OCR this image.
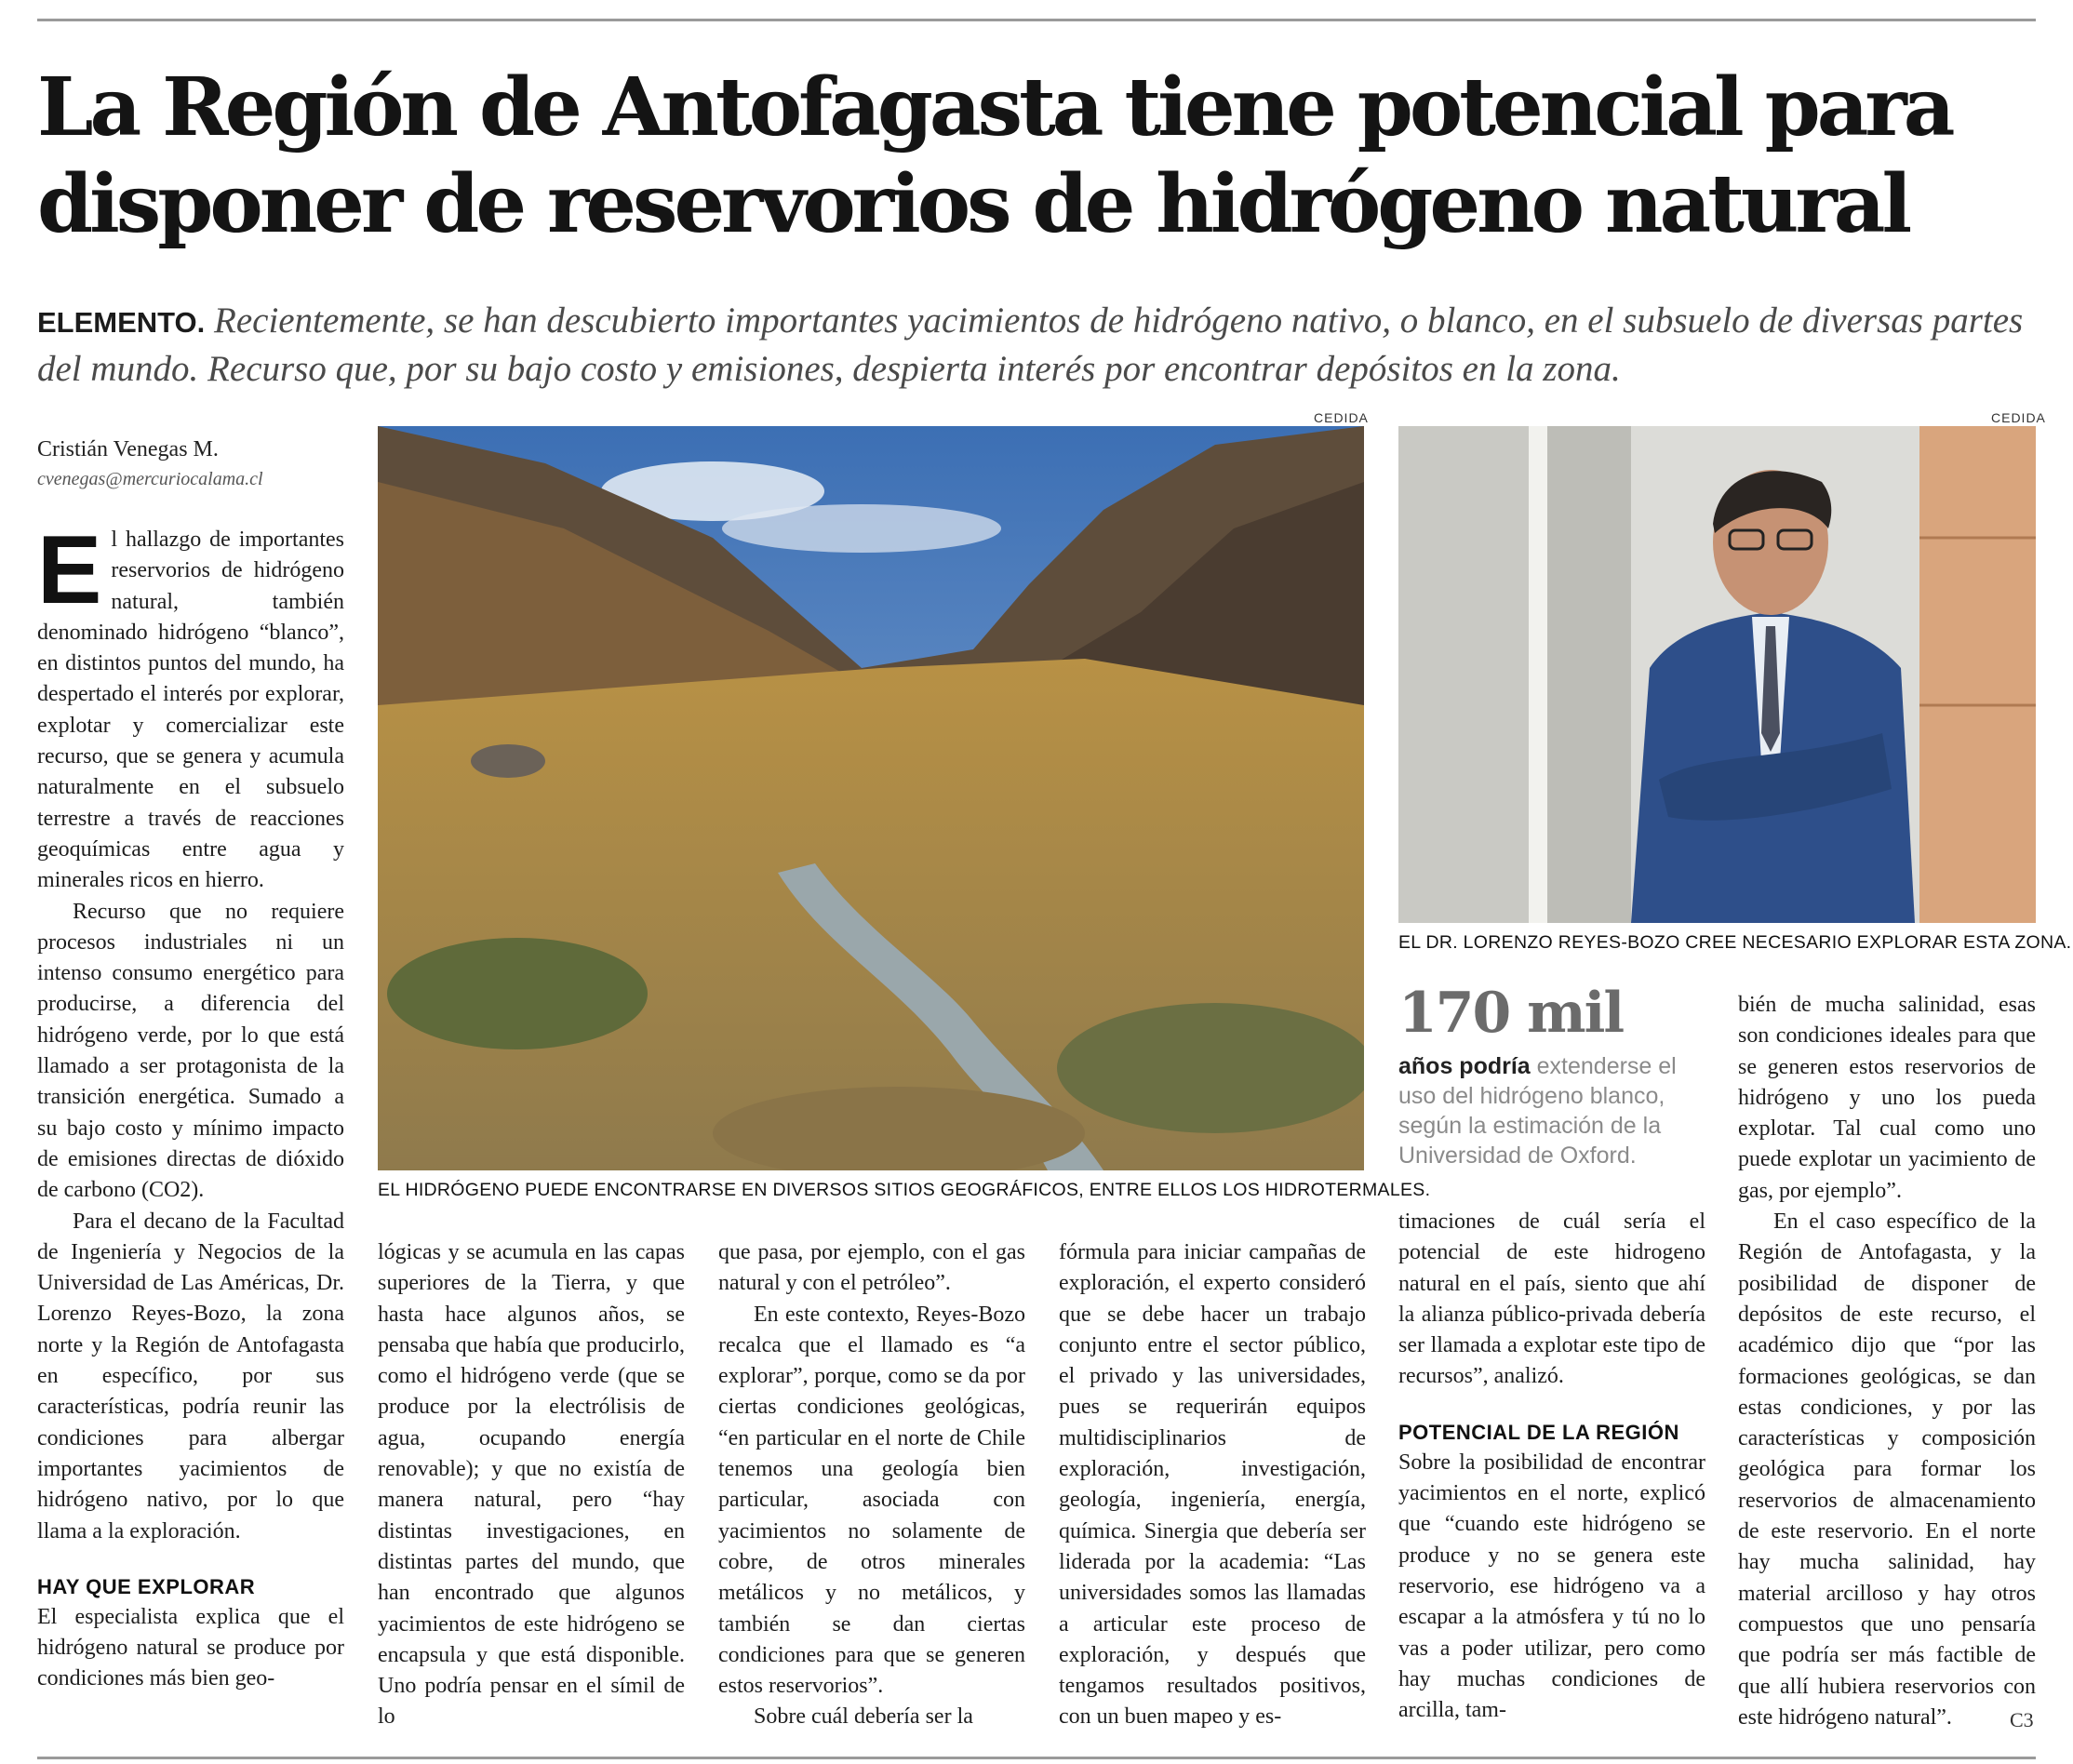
La Región de Antofagasta tiene potencial para
disponer de reservorios de hidrógeno natural
ELEMENTO. Recientemente, se han descubierto importantes yacimientos de hidrógeno nativo, o blanco, en el subsuelo de diversas partes del mundo. Recurso que, por su bajo costo y emisiones, despierta interés por encontrar depósitos en la zona.
Cristián Venegas M.
cvenegas@mercuriocalama.cl
CEDIDA
EL HIDRÓGENO PUEDE ENCONTRARSE EN DIVERSOS SITIOS GEOGRÁFICOS, ENTRE ELLOS LOS HIDROTERMALES.
CEDIDA
EL DR. LORENZO REYES-BOZO CREE NECESARIO EXPLORAR ESTA ZONA.
170 mil
años podría extenderse el uso del hidrógeno blanco, según la estimación de la Universidad de Oxford.

El hallazgo de importantes reservorios de hidrógeno natural, también denominado hidrógeno “blanco”, en distintos puntos del mundo, ha despertado el interés por explorar, explotar y comercializar este recurso, que se genera y acumula naturalmente en el subsuelo terrestre a través de reacciones geoquímicas entre agua y minerales ricos en hierro.

Recurso que no requiere procesos industriales ni un intenso consumo energético para producirse, a diferencia del hidrógeno verde, por lo que está llamado a ser protagonista de la transición energética. Sumado a su bajo costo y mínimo impacto de emisiones directas de dióxido de carbono (CO2).

Para el decano de la Facultad de Ingeniería y Negocios de la Universidad de Las Américas, Dr. Lorenzo Reyes-Bozo, la zona norte y la Región de Antofagasta en específico, por sus características, podría reunir las condiciones para albergar importantes yacimientos de hidrógeno nativo, por lo que llama a la exploración.

HAY QUE EXPLORAR

El especialista explica que el hidrógeno natural se produce por condiciones más bien geo-

lógicas y se acumula en las capas superiores de la Tierra, y que hasta hace algunos años, se pensaba que había que producirlo, como el hidrógeno verde (que se produce por la electrólisis de agua, ocupando energía renovable); y que no existía de manera natural, pero “hay distintas investigaciones, en distintas partes del mundo, que han encontrado que algunos yacimientos de este hidrógeno se encapsula y que está disponible. Uno podría pensar en el símil de lo

que pasa, por ejemplo, con el gas natural y con el petróleo”.

En este contexto, Reyes-Bozo recalca que el llamado es “a explorar”, porque, como se da por ciertas condiciones geológicas, “en particular en el norte de Chile tenemos una geología bien particular, asociada con yacimientos no solamente de cobre, de otros minerales metálicos y no metálicos, y también se dan ciertas condiciones para que se generen estos reservorios”.

Sobre cuál debería ser la

fórmula para iniciar campañas de exploración, el experto consideró que se debe hacer un trabajo conjunto entre el sector público, el privado y las universidades, pues se requerirán equipos multidisciplinarios de exploración, investigación, geología, ingeniería, energía, química. Sinergia que debería ser liderada por la academia: “Las universidades somos las llamadas a articular este proceso de exploración, y después que tengamos resultados positivos, con un buen mapeo y es-

timaciones de cuál sería el potencial de este hidrogeno natural en el país, siento que ahí la alianza público-privada debería ser llamada a explotar este tipo de recursos”, analizó.

POTENCIAL DE LA REGIÓN

Sobre la posibilidad de encontrar yacimientos en el norte, explicó que “cuando este hidrógeno se produce y no se genera este reservorio, ese hidrógeno va a escapar a la atmósfera y tú no lo vas a poder utilizar, pero como hay muchas condiciones de arcilla, tam-

bién de mucha salinidad, esas son condiciones ideales para que se generen estos reservorios de hidrógeno y uno los pueda explotar. Tal cual como uno puede explotar un yacimiento de gas, por ejemplo”.

En el caso específico de la Región de Antofagasta, y la posibilidad de disponer de depósitos de este recurso, el académico dijo que “por las formaciones geológicas, se dan estas condiciones, y por las características y composición geológica para formar los reservorios de almacenamiento de este reservorio. En el norte hay mucha salinidad, hay material arcilloso y hay otros compuestos que uno pensaría que podría ser más factible de que allí hubiera reservorios con este hidrógeno natural”.	C3
